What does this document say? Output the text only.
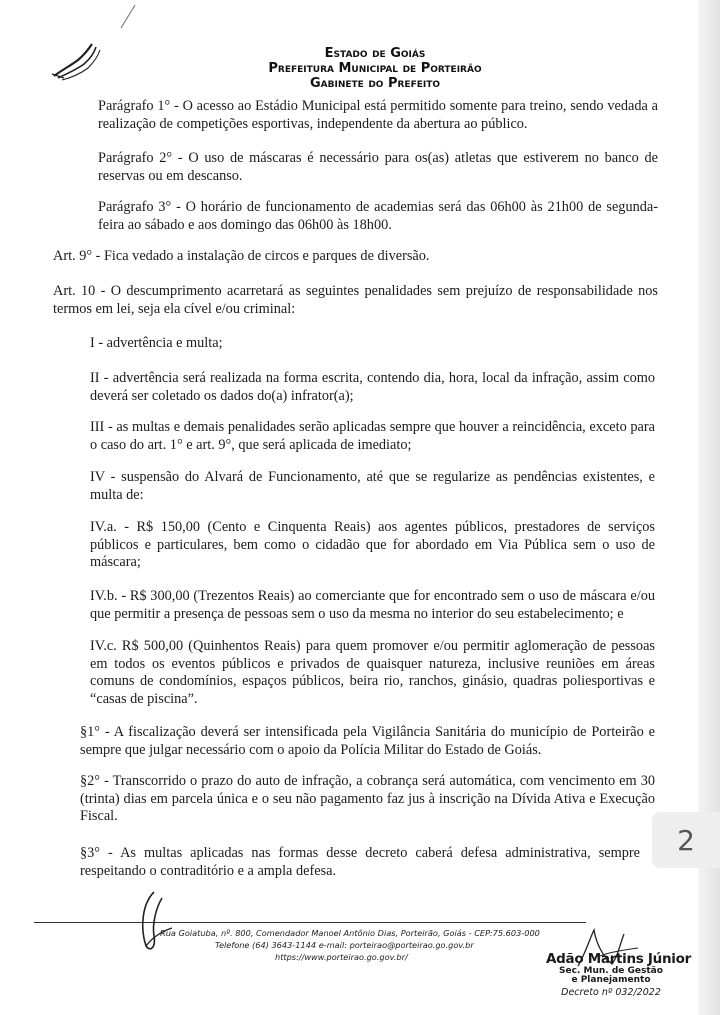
Estado de Goiás
Prefeitura Municipal de Porteirão
Gabinete do Prefeito

Parágrafo 1° - O acesso ao Estádio Municipal está permitido somente para treino, sendo vedada a realização de competições esportivas, independente da abertura ao público.

Parágrafo 2° - O uso de máscaras é necessário para os(as) atletas que estiverem no banco de reservas ou em descanso.

Parágrafo 3° - O horário de funcionamento de academias será das 06h00 às 21h00 de segunda-feira ao sábado e aos domingo das 06h00 às 18h00.

Art. 9° - Fica vedado a instalação de circos e parques de diversão.

Art. 10 - O descumprimento acarretará as seguintes penalidades sem prejuízo de responsabilidade nos termos em lei, seja ela cível e/ou criminal:

I - advertência e multa;

II - advertência será realizada na forma escrita, contendo dia, hora, local da infração, assim como deverá ser coletado os dados do(a) infrator(a);

III - as multas e demais penalidades serão aplicadas sempre que houver a reincidência, exceto para o caso do art. 1° e art. 9°, que será aplicada de imediato;

IV - suspensão do Alvará de Funcionamento, até que se regularize as pendências existentes, e multa de:

IV.a. - R$ 150,00 (Cento e Cinquenta Reais) aos agentes públicos, prestadores de serviços públicos e particulares, bem como o cidadão que for abordado em Via Pública sem o uso de máscara;

IV.b. - R$ 300,00 (Trezentos Reais) ao comerciante que for encontrado sem o uso de máscara e/ou que permitir a presença de pessoas sem o uso da mesma no interior do seu estabelecimento; e

IV.c. R$ 500,00 (Quinhentos Reais) para quem promover e/ou permitir aglomeração de pessoas em todos os eventos públicos e privados de quaisquer natureza, inclusive reuniões em áreas comuns de condomínios, espaços públicos, beira rio, ranchos, ginásio, quadras poliesportivas e “casas de piscina”.

§1° - A fiscalização deverá ser intensificada pela Vigilância Sanitária do município de Porteirão e sempre que julgar necessário com o apoio da Polícia Militar do Estado de Goiás.

§2° - Transcorrido o prazo do auto de infração, a cobrança será automática, com vencimento em 30 (trinta) dias em parcela única e o seu não pagamento faz jus à inscrição na Dívida Ativa e Execução Fiscal.

§3° - As multas aplicadas nas formas desse decreto caberá defesa administrativa, sempre respeitando o contraditório e a ampla defesa.

2
Rua Goiatuba, nº. 800, Comendador Manoel Antônio Dias, Porteirão, Goiás - CEP:75.603-000
Telefone (64) 3643-1144 e-mail: porteirao@porteirao.go.gov.br
https://www.porteirao.go.gov.br/	Adão Martins Júnior
Sec. Mun. de Gestão
e Planejamento
Decreto nº 032/2022
